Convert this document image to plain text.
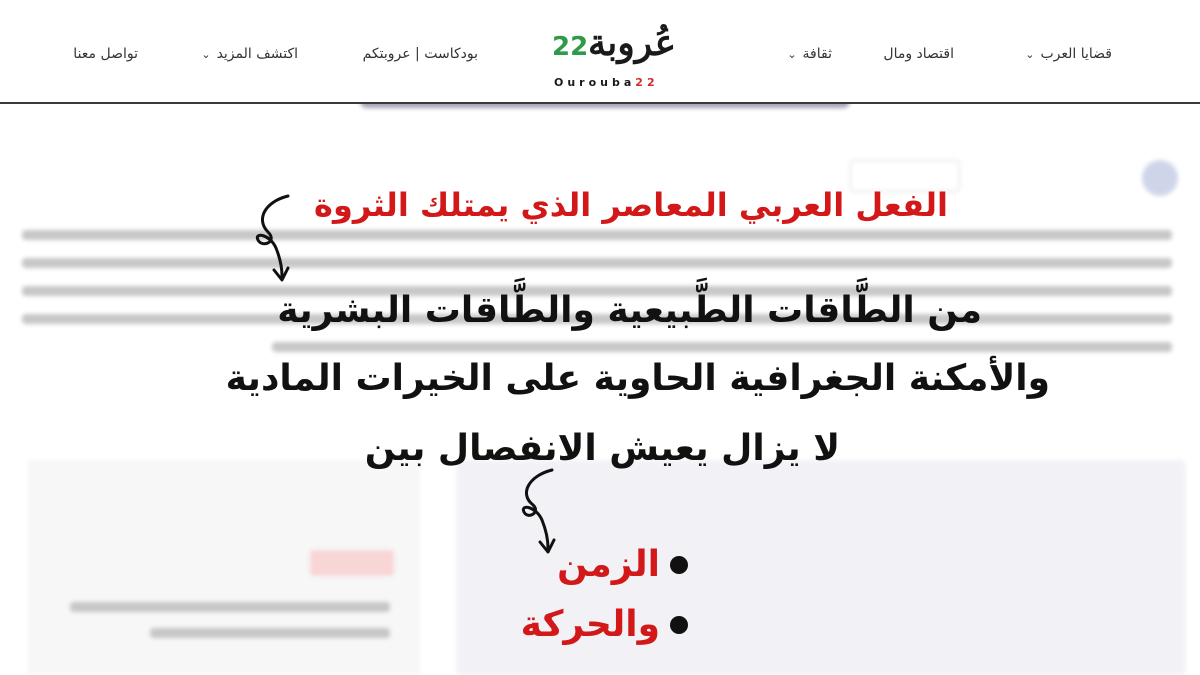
قضايا العرب⌄
اقتصاد ومال
ثقافة⌄
عُروبة
22
Ourouba22
بودكاست | عروبتكم
اكتشف المزيد⌄
تواصل معنا
الفعل العربي المعاصر الذي يمتلك الثروة
من الطَّاقات الطَّبيعية والطَّاقات البشرية
والأمكنة الجغرافية الحاوية على الخيرات المادية
لا يزال يعيش الانفصال بين
الزمن
والحركة
